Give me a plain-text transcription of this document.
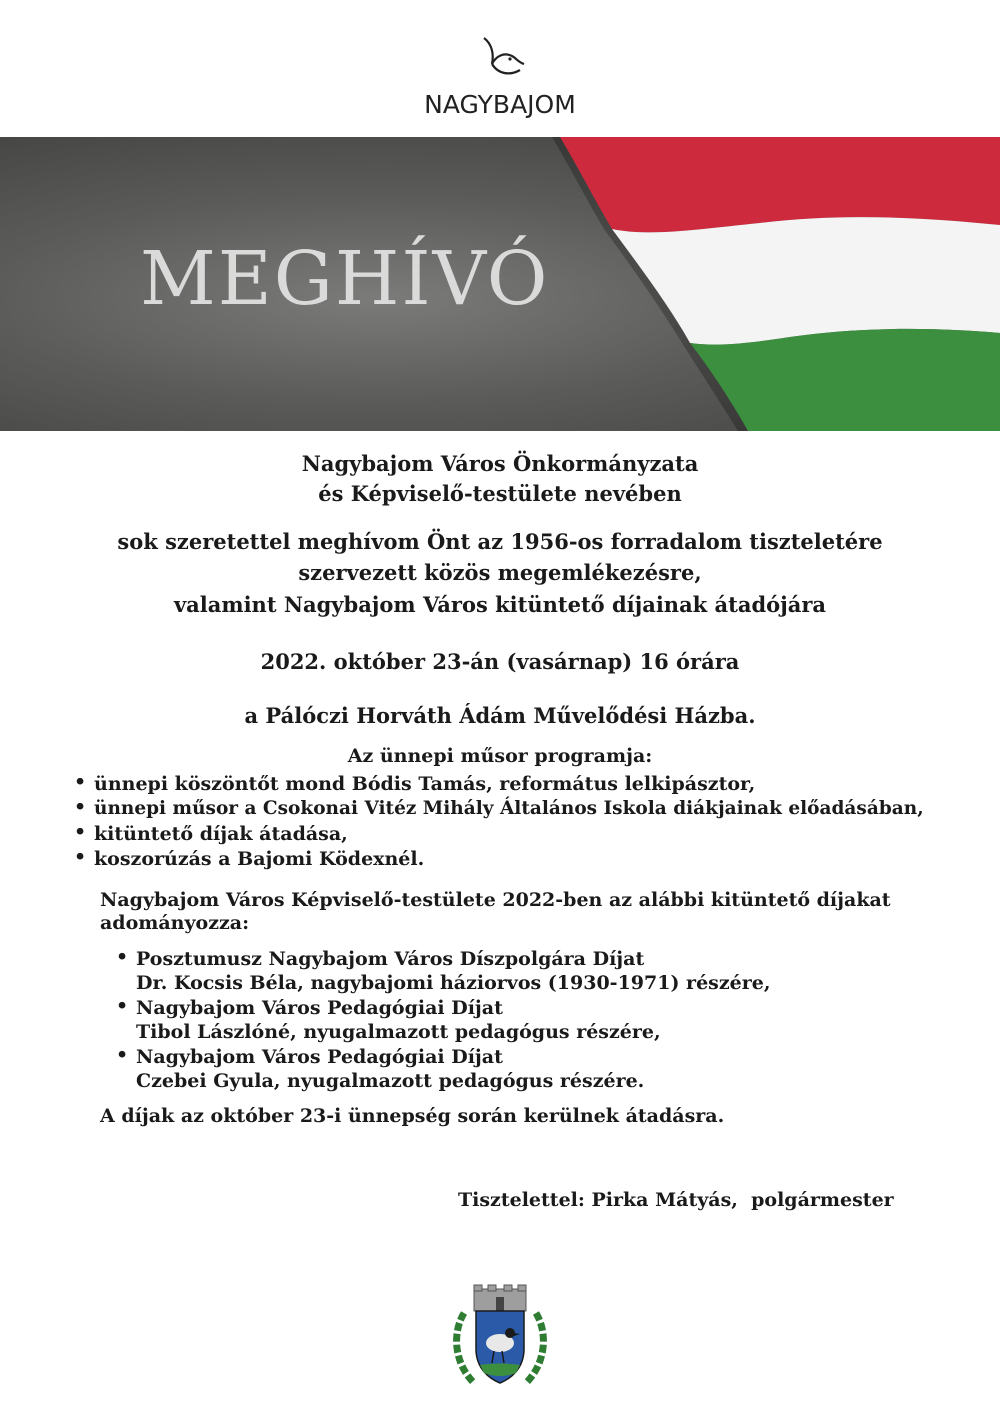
NAGYBAJOM
MEGHÍVÓ
Nagybajom Város Önkormányzata
és Képviselő-testülete nevében
sok szeretettel meghívom Önt az 1956-os forradalom tiszteletére
szervezett közös megemlékezésre,
valamint Nagybajom Város kitüntető díjainak átadójára
2022. október 23-án (vasárnap) 16 órára
a Pálóczi Horváth Ádám Művelődési Házba.
Az ünnepi műsor programja:
• ünnepi köszöntőt mond Bódis Tamás, református lelkipásztor,
• ünnepi műsor a Csokonai Vitéz Mihály Általános Iskola diákjainak előadásában,
• kitüntető díjak átadása,
• koszorúzás a Bajomi Ködexnél.
Nagybajom Város Képviselő-testülete 2022-ben az alábbi kitüntető díjakat
adományozza:
• Posztumusz Nagybajom Város Díszpolgára Díjat
Dr. Kocsis Béla, nagybajomi háziorvos (1930-1971) részére,
• Nagybajom Város Pedagógiai Díjat
Tibol Lászlóné, nyugalmazott pedagógus részére,
• Nagybajom Város Pedagógiai Díjat
Czebei Gyula, nyugalmazott pedagógus részére.
A díjak az október 23-i ünnepség során kerülnek átadásra.
Tisztelettel: Pirka Mátyás,  polgármester
